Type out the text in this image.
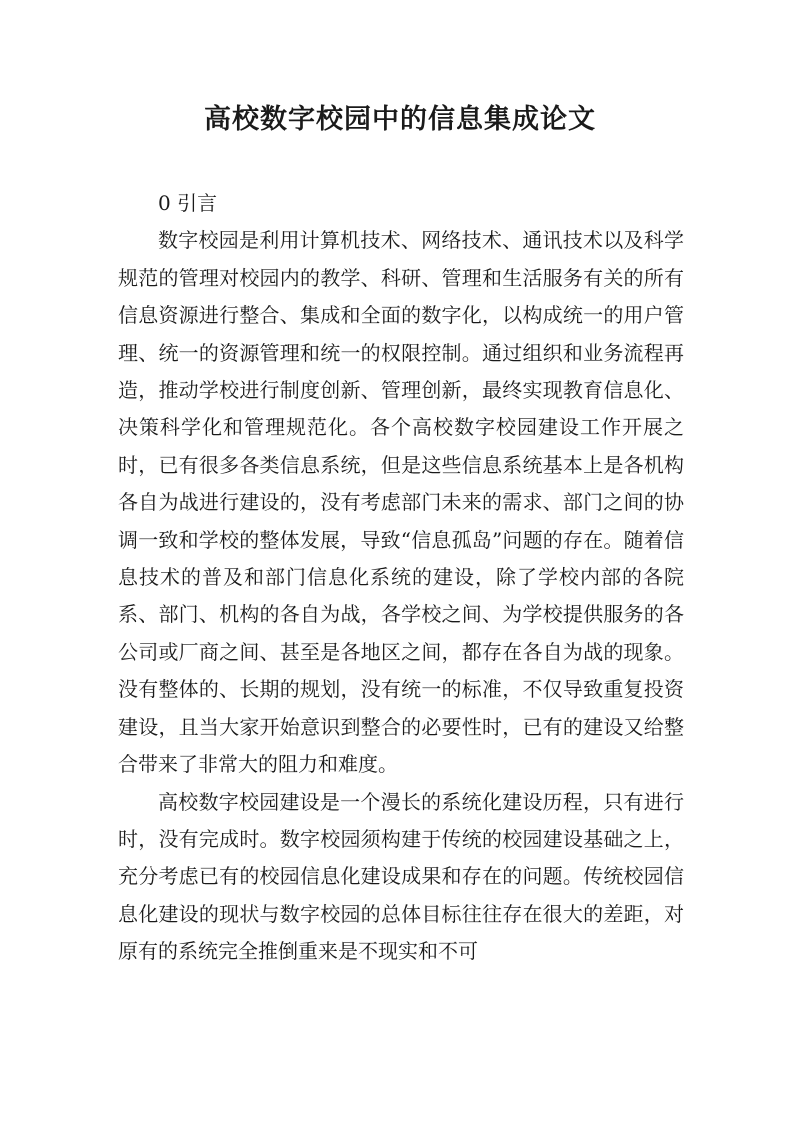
高校数字校园中的信息集成论文

0 引言

数字校园是利用计算机技术、网络技术、通讯技术以及科学规范的管理对校园内的教学、科研、管理和生活服务有关的所有信息资源进行整合、集成和全面的数字化，以构成统一的用户管理、统一的资源管理和统一的权限控制。通过组织和业务流程再造，推动学校进行制度创新、管理创新，最终实现教育信息化、决策科学化和管理规范化。各个高校数字校园建设工作开展之时，已有很多各类信息系统，但是这些信息系统基本上是各机构各自为战进行建设的，没有考虑部门未来的需求、部门之间的协调一致和学校的整体发展，导致“信息孤岛”问题的存在。随着信息技术的普及和部门信息化系统的建设，除了学校内部的各院系、部门、机构的各自为战，各学校之间、为学校提供服务的各公司或厂商之间、甚至是各地区之间，都存在各自为战的现象。没有整体的、长期的规划，没有统一的标准，不仅导致重复投资建设，且当大家开始意识到整合的必要性时，已有的建设又给整合带来了非常大的阻力和难度。

高校数字校园建设是一个漫长的系统化建设历程，只有进行时，没有完成时。数字校园须构建于传统的校园建设基础之上，充分考虑已有的校园信息化建设成果和存在的问题。传统校园信息化建设的现状与数字校园的总体目标往往存在很大的差距，对原有的系统完全推倒重来是不现实和不可
